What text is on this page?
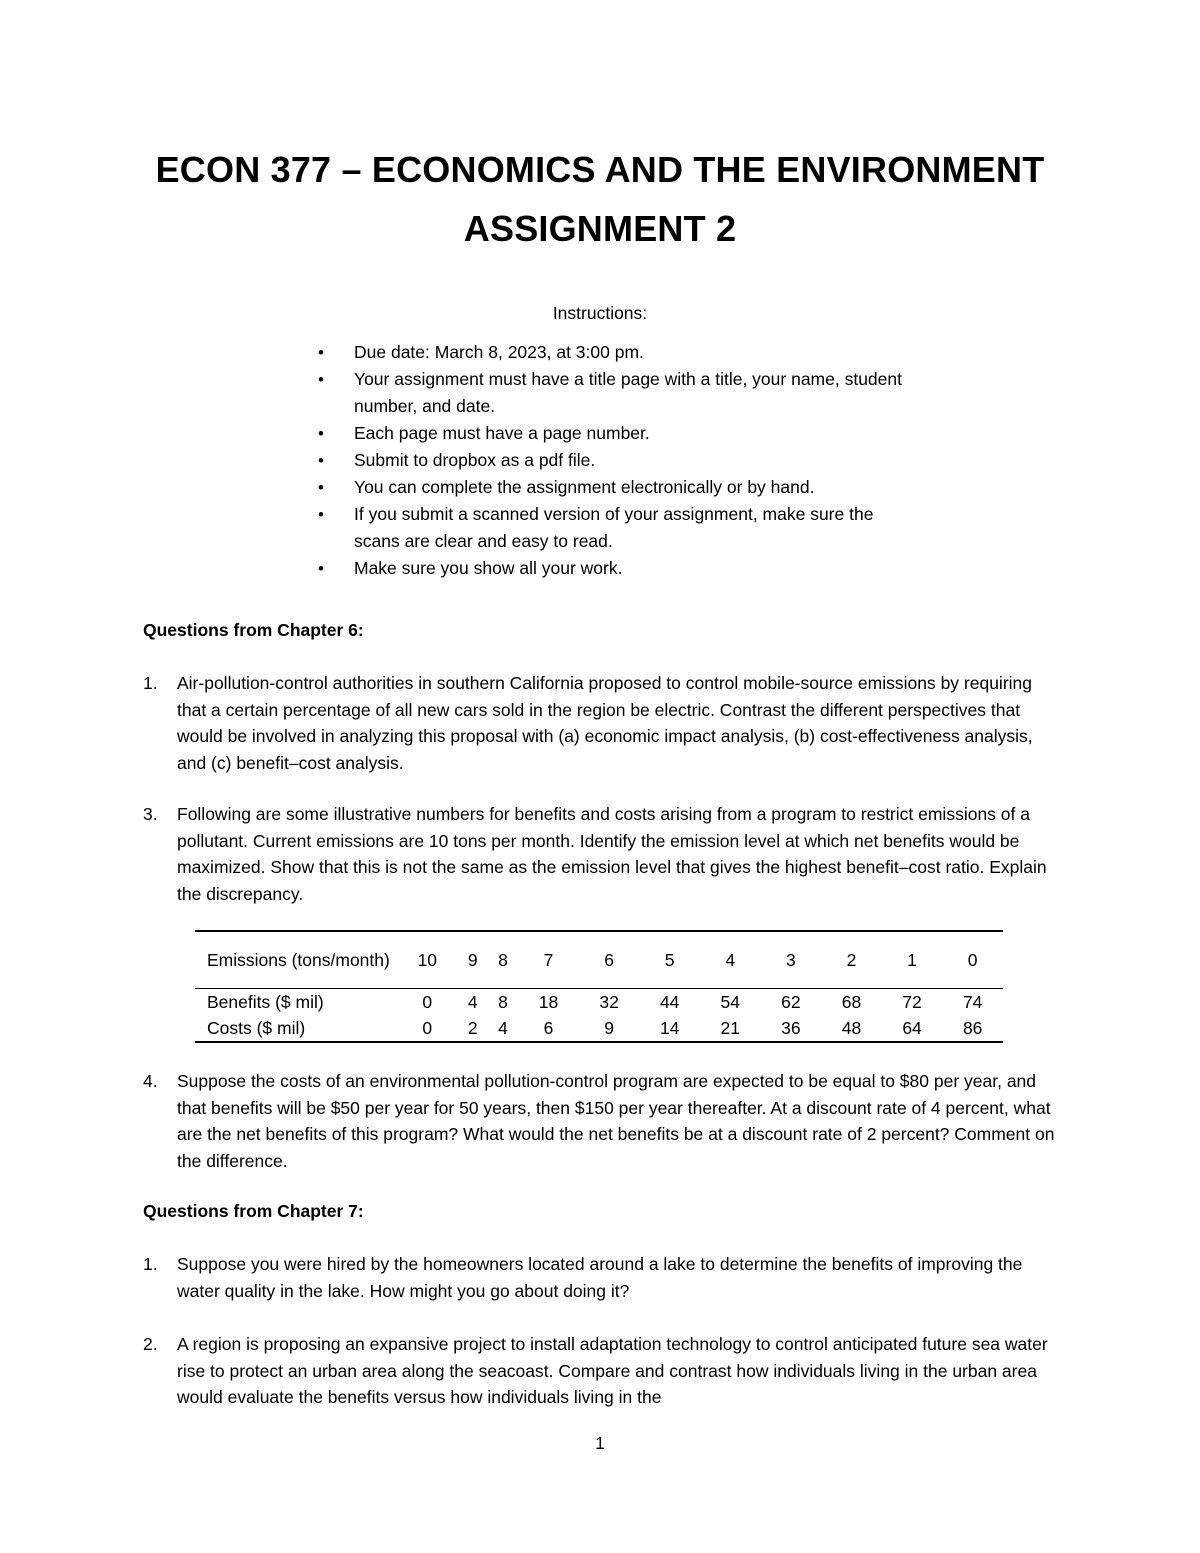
ECON 377 – ECONOMICS AND THE ENVIRONMENT
ASSIGNMENT 2
Instructions:
• Due date: March 8, 2023, at 3:00 pm.
• Your assignment must have a title page with a title, your name, student number, and date.
• Each page must have a page number.
• Submit to dropbox as a pdf file.
• You can complete the assignment electronically or by hand.
• If you submit a scanned version of your assignment, make sure the scans are clear and easy to read.
• Make sure you show all your work.
Questions from Chapter 6:
1. Air-pollution-control authorities in southern California proposed to control mobile-source emissions by requiring that a certain percentage of all new cars sold in the region be electric. Contrast the different perspectives that would be involved in analyzing this proposal with (a) economic impact analysis, (b) cost-effectiveness analysis, and (c) benefit–cost analysis.
3. Following are some illustrative numbers for benefits and costs arising from a program to restrict emissions of a pollutant. Current emissions are 10 tons per month. Identify the emission level at which net benefits would be maximized. Show that this is not the same as the emission level that gives the highest benefit–cost ratio. Explain the discrepancy.
Emissions (tons/month)	10	9	8	7	6	5	4	3	2	1	0
Benefits ($ mil)	0	4	8	18	32	44	54	62	68	72	74
Costs ($ mil)	0	2	4	6	9	14	21	36	48	64	86
4. Suppose the costs of an environmental pollution-control program are expected to be equal to $80 per year, and that benefits will be $50 per year for 50 years, then $150 per year thereafter. At a discount rate of 4 percent, what are the net benefits of this program? What would the net benefits be at a discount rate of 2 percent? Comment on the difference.
Questions from Chapter 7:
1. Suppose you were hired by the homeowners located around a lake to determine the benefits of improving the water quality in the lake. How might you go about doing it?
2. A region is proposing an expansive project to install adaptation technology to control anticipated future sea water rise to protect an urban area along the seacoast. Compare and contrast how individuals living in the urban area would evaluate the benefits versus how individuals living in the
1
